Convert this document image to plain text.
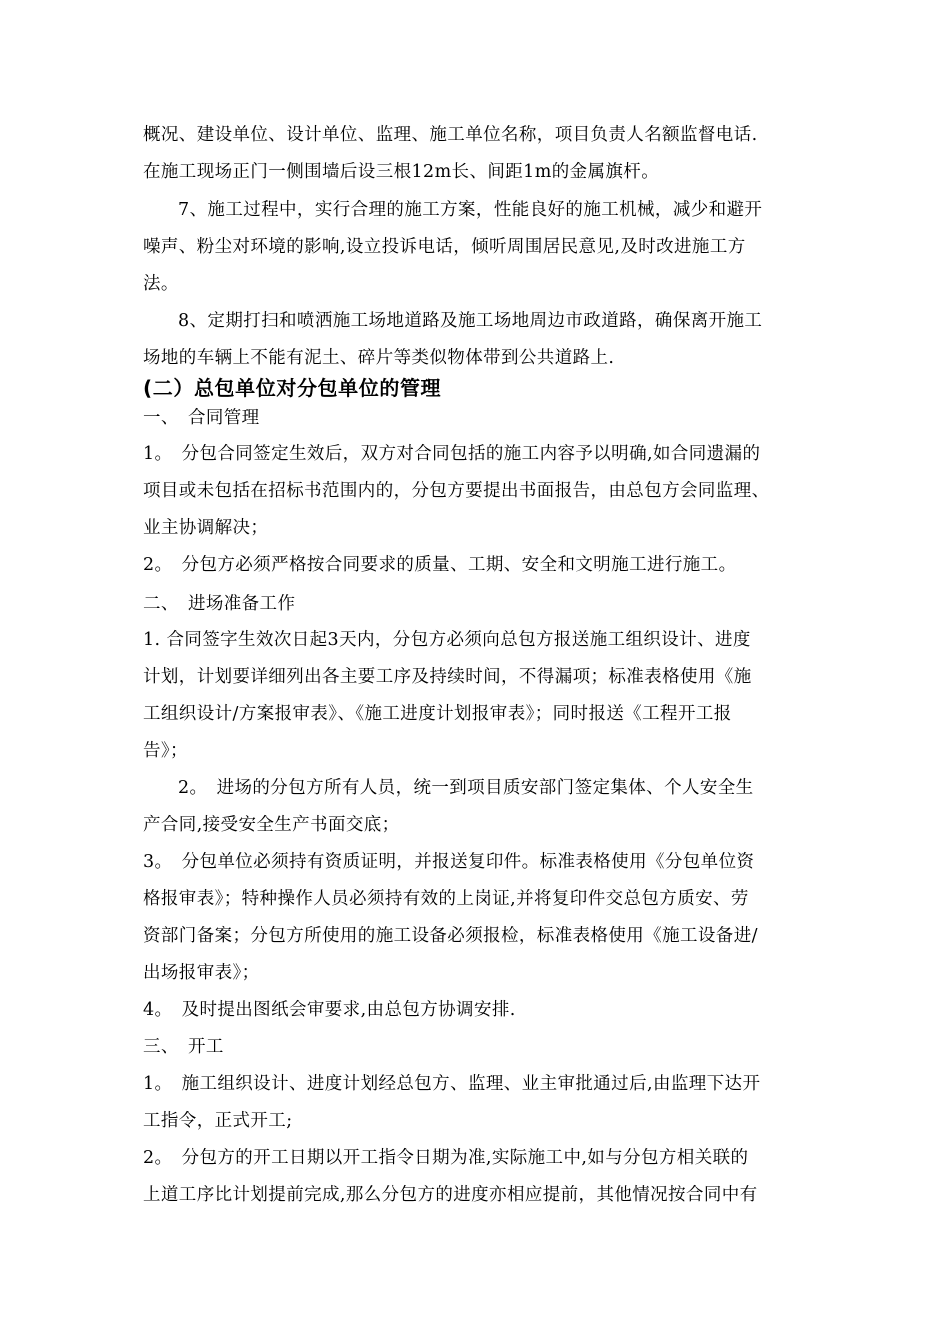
概况、建设单位、设计单位、监理、施工单位名称，项目负责人名额监督电话.
在施工现场正门一侧围墙后设三根12m长、间距1m的金属旗杆。
7、施工过程中，实行合理的施工方案，性能良好的施工机械，减少和避开
噪声、粉尘对环境的影响,设立投诉电话，倾听周围居民意见,及时改进施工方
法。
8、定期打扫和喷洒施工场地道路及施工场地周边市政道路，确保离开施工
场地的车辆上不能有泥土、碎片等类似物体带到公共道路上.
(二）总包单位对分包单位的管理
一、　合同管理
1。　分包合同签定生效后，双方对合同包括的施工内容予以明确,如合同遗漏的
项目或未包括在招标书范围内的，分包方要提出书面报告，由总包方会同监理、
业主协调解决；
2。　分包方必须严格按合同要求的质量、工期、安全和文明施工进行施工。
二、　进场准备工作
1. 合同签字生效次日起3天内，分包方必须向总包方报送施工组织设计、进度
计划，计划要详细列出各主要工序及持续时间，不得漏项；标准表格使用《施
工组织设计/方案报审表》、《施工进度计划报审表》；同时报送《工程开工报
告》；
2。　进场的分包方所有人员，统一到项目质安部门签定集体、个人安全生
产合同,接受安全生产书面交底；
3。　分包单位必须持有资质证明，并报送复印件。标准表格使用《分包单位资
格报审表》；特种操作人员必须持有效的上岗证,并将复印件交总包方质安、劳
资部门备案；分包方所使用的施工设备必须报检，标准表格使用《施工设备进/
出场报审表》；
4。　及时提出图纸会审要求,由总包方协调安排.
三、　开工
1。　施工组织设计、进度计划经总包方、监理、业主审批通过后,由监理下达开
工指令，正式开工;
2。　分包方的开工日期以开工指令日期为准,实际施工中,如与分包方相关联的
上道工序比计划提前完成,那么分包方的进度亦相应提前，其他情况按合同中有
